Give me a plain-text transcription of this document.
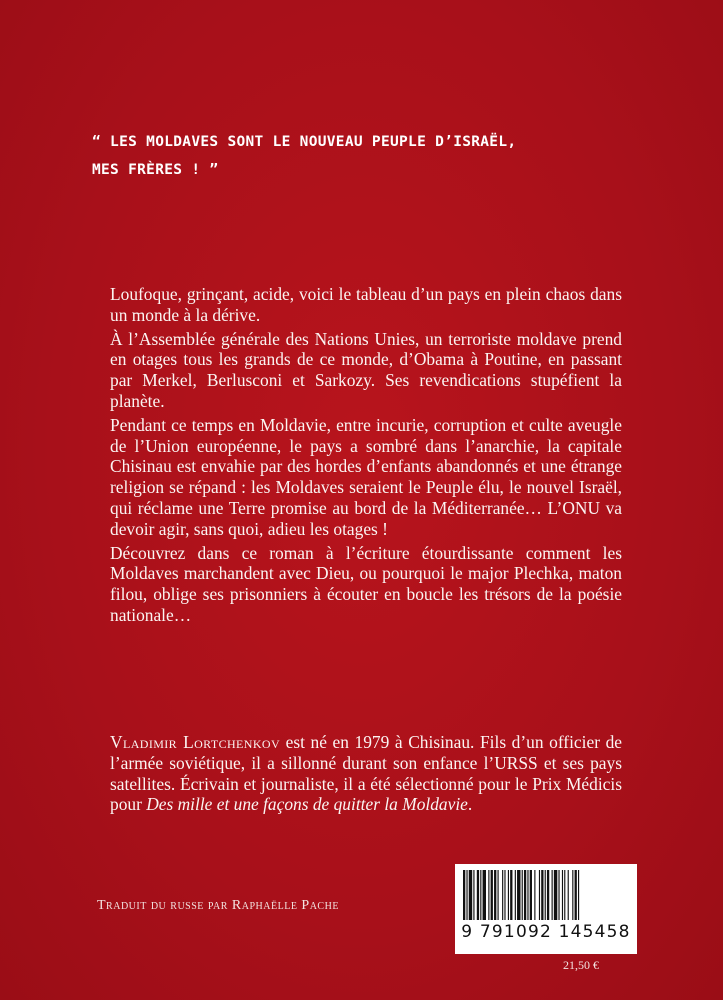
“ LES MOLDAVES SONT LE NOUVEAU PEUPLE D’ISRAËL,
MES FRÈRES ! ”

Loufoque, grinçant, acide, voici le tableau d’un pays en plein chaos dans un monde à la dérive.

À l’Assemblée générale des Nations Unies, un terroriste moldave prend en otages tous les grands de ce monde, d’Obama à Poutine, en passant par Merkel, Berlusconi et Sarkozy. Ses revendications stupéfient la planète.

Pendant ce temps en Moldavie, entre incurie, corruption et culte aveugle de l’Union européenne, le pays a sombré dans l’anarchie, la capitale Chisinau est envahie par des hordes d’enfants abandonnés et une étrange religion se répand : les Moldaves seraient le Peuple élu, le nouvel Israël, qui réclame une Terre promise au bord de la Méditerranée… L’ONU va devoir agir, sans quoi, adieu les otages !

Découvrez dans ce roman à l’écriture étourdissante comment les Moldaves marchandent avec Dieu, ou pourquoi le major Plechka, maton filou, oblige ses prisonniers à écouter en boucle les trésors de la poésie nationale…

Vladimir Lortchenkov est né en 1979 à Chisinau. Fils d’un officier de l’armée soviétique, il a sillonné durant son enfance l’URSS et ses pays satellites. Écrivain et journaliste, il a été sélectionné pour le Prix Médicis pour Des mille et une façons de quitter la Moldavie.

Traduit du russe par Raphaëlle Pache
9 791092 145458
21,50 €
